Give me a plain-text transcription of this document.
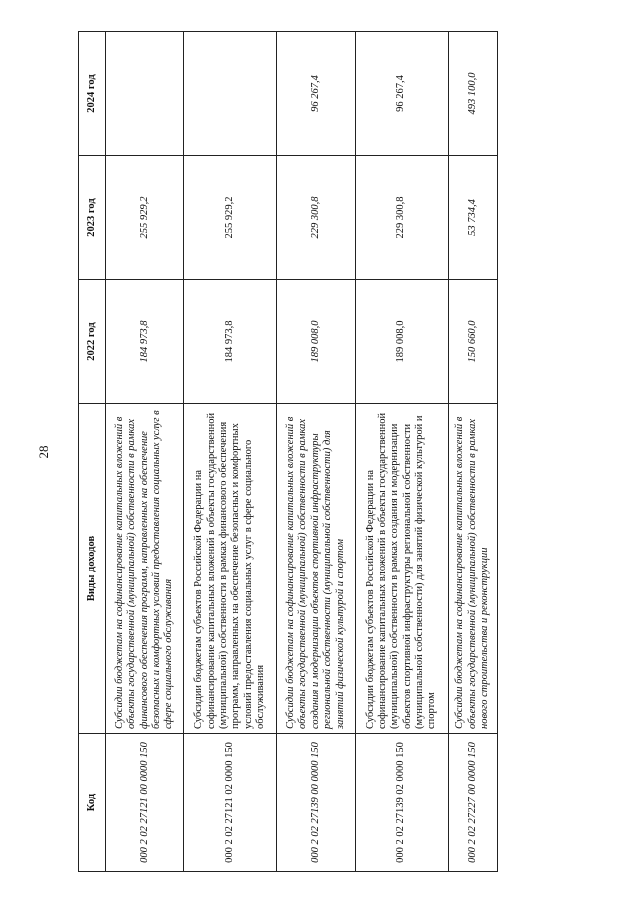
28
Код	Виды доходов	2022 год	2023 год	2024 год
000 2 02 27121 00 0000 150	Субсидии бюджетам на софинансирование капитальных вложений в объекты государственной (муниципальной) собственности в рамках финансового обеспечения программ, направленных на обеспечение безопасных и комфортных условий предоставления социальных услуг в сфере социального обслуживания	184 973,8	255 929,2	
000 2 02 27121 02 0000 150	Субсидии бюджетам субъектов Российской Федерации на софинансирование капитальных вложений в объекты государственной (муниципальной) собственности в рамках финансового обеспечения программ, направленных на обеспечение безопасных и комфортных условий предоставления социальных услуг в сфере социального обслуживания	184 973,8	255 929,2	
000 2 02 27139 00 0000 150	Субсидии бюджетам на софинансирование капитальных вложений в объекты государственной (муниципальной) собственности в рамках создания и модернизации объектов спортивной инфраструктуры региональной собственности (муниципальной собственности) для занятий физической культурой и спортом	189 008,0	229 300,8	96 267,4
000 2 02 27139 02 0000 150	Субсидии бюджетам субъектов Российской Федерации на софинансирование капитальных вложений в объекты государственной (муниципальной) собственности в рамках создания и модернизации объектов спортивной инфраструктуры региональной собственности (муниципальной собственности) для занятий физической культурой и спортом	189 008,0	229 300,8	96 267,4
000 2 02 27227 00 0000 150	Субсидии бюджетам на софинансирование капитальных вложений в объекты государственной (муниципальной) собственности в рамках нового строительства и реконструкции	150 660,0	53 734,4	493 100,0
